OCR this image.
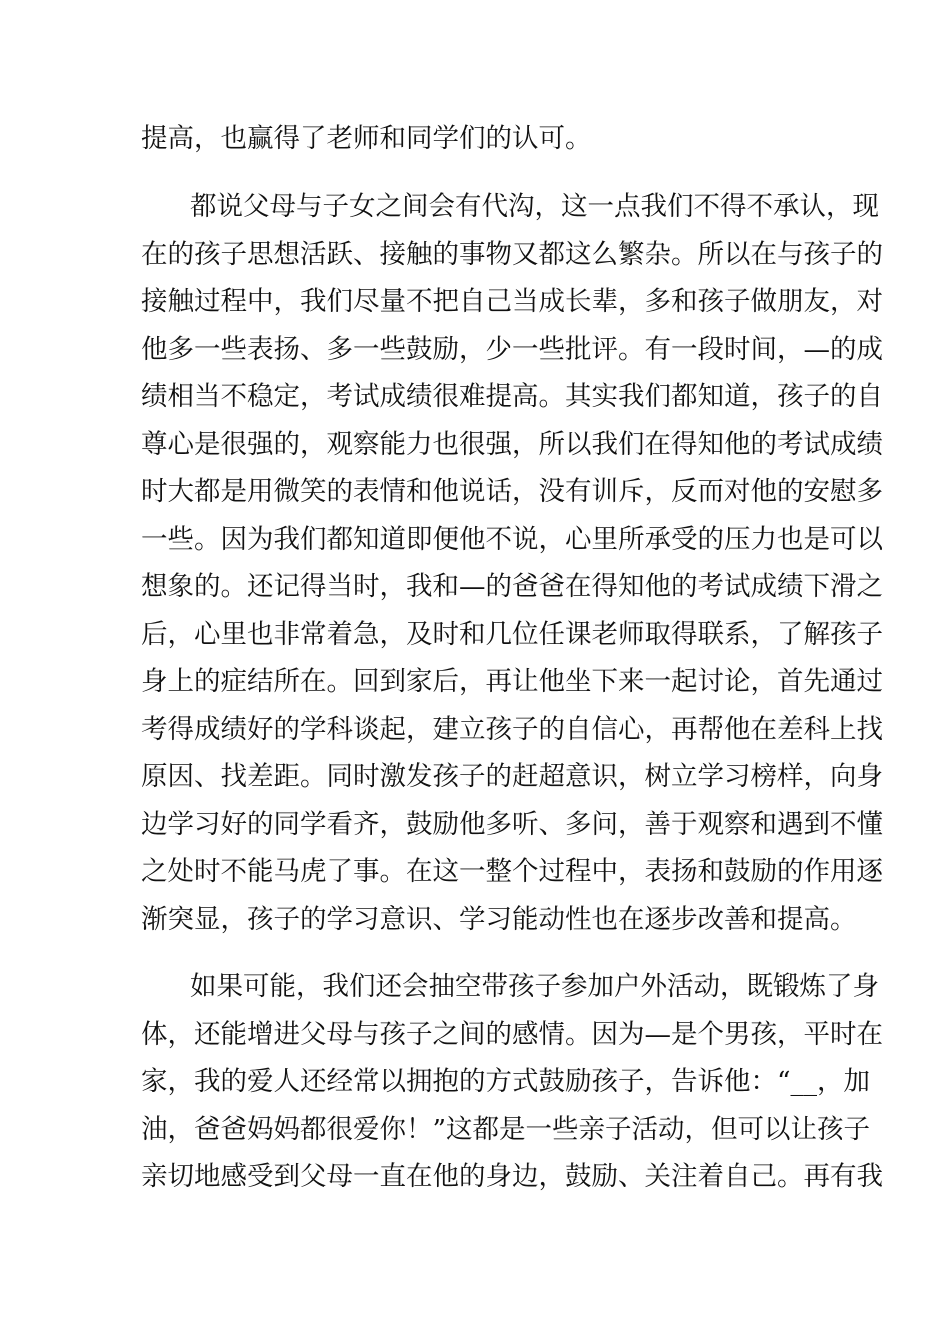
提高，也赢得了老师和同学们的认可。
都说父母与子女之间会有代沟，这一点我们不得不承认，现
在的孩子思想活跃、接触的事物又都这么繁杂。所以在与孩子的
接触过程中，我们尽量不把自己当成长辈，多和孩子做朋友，对
他多一些表扬、多一些鼓励，少一些批评。有一段时间，—的成
绩相当不稳定，考试成绩很难提高。其实我们都知道，孩子的自
尊心是很强的，观察能力也很强，所以我们在得知他的考试成绩
时大都是用微笑的表情和他说话，没有训斥，反而对他的安慰多
一些。因为我们都知道即便他不说，心里所承受的压力也是可以
想象的。还记得当时，我和—的爸爸在得知他的考试成绩下滑之
后，心里也非常着急，及时和几位任课老师取得联系，了解孩子
身上的症结所在。回到家后，再让他坐下来一起讨论，首先通过
考得成绩好的学科谈起，建立孩子的自信心，再帮他在差科上找
原因、找差距。同时激发孩子的赶超意识，树立学习榜样，向身
边学习好的同学看齐，鼓励他多听、多问，善于观察和遇到不懂
之处时不能马虎了事。在这一整个过程中，表扬和鼓励的作用逐
渐突显，孩子的学习意识、学习能动性也在逐步改善和提高。
如果可能，我们还会抽空带孩子参加户外活动，既锻炼了身
体，还能增进父母与孩子之间的感情。因为—是个男孩，平时在
家，我的爱人还经常以拥抱的方式鼓励孩子，告诉他：“__，加
油，爸爸妈妈都很爱你！”这都是一些亲子活动，但可以让孩子
亲切地感受到父母一直在他的身边，鼓励、关注着自己。再有我
